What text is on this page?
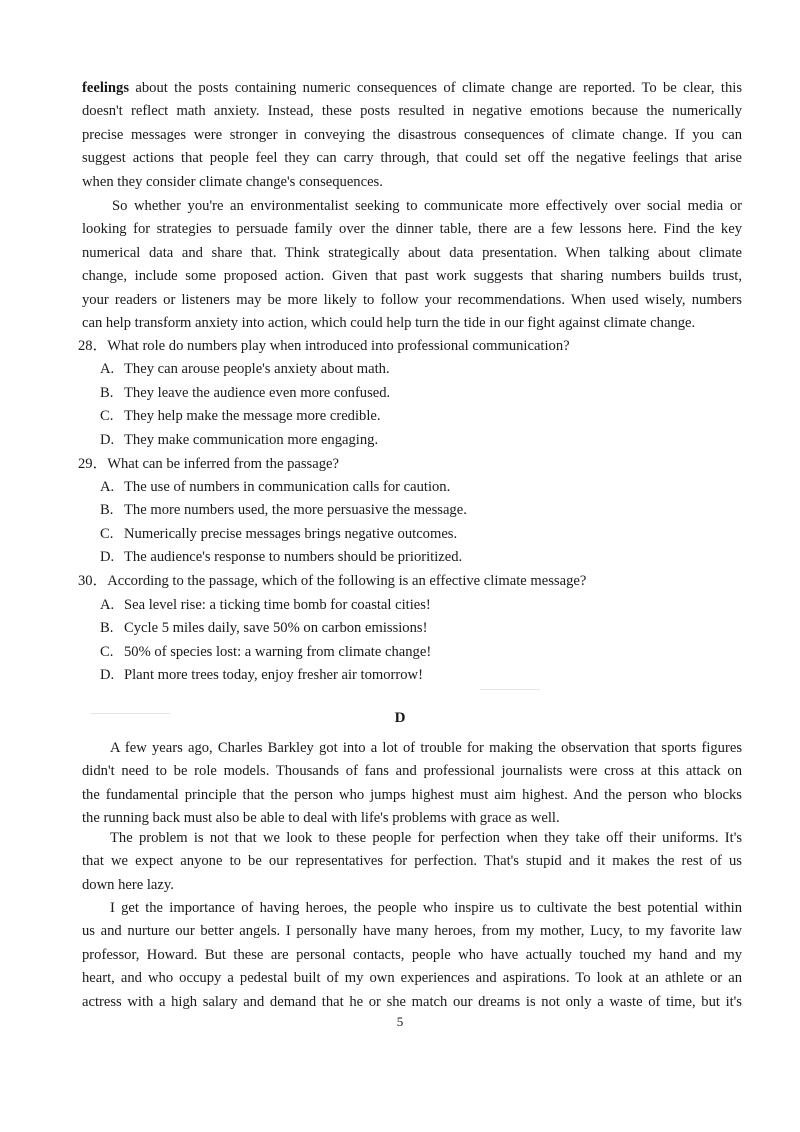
feelings about the posts containing numeric consequences of climate change are reported. To be clear, this
doesn't reflect math anxiety. Instead, these posts resulted in negative emotions because the numerically
precise messages were stronger in conveying the disastrous consequences of climate change. If you can
suggest actions that people feel they can carry through, that could set off the negative feelings that arise
when they consider climate change's consequences.
So whether you're an environmentalist seeking to communicate more effectively over social media or
looking for strategies to persuade family over the dinner table, there are a few lessons here. Find the key
numerical data and share that. Think strategically about data presentation. When talking about climate
change, include some proposed action. Given that past work suggests that sharing numbers builds trust,
your readers or listeners may be more likely to follow your recommendations. When used wisely, numbers
can help transform anxiety into action, which could help turn the tide in our fight against climate change.
28．What role do numbers play when introduced into professional communication?
A. They can arouse people's anxiety about math.
B. They leave the audience even more confused.
C. They help make the message more credible.
D. They make communication more engaging.
29．What can be inferred from the passage?
A. The use of numbers in communication calls for caution.
B. The more numbers used, the more persuasive the message.
C. Numerically precise messages brings negative outcomes.
D. The audience's response to numbers should be prioritized.
30．According to the passage, which of the following is an effective climate message?
A. Sea level rise: a ticking time bomb for coastal cities!
B. Cycle 5 miles daily, save 50% on carbon emissions!
C. 50% of species lost: a warning from climate change!
D. Plant more trees today, enjoy fresher air tomorrow!
D
A few years ago, Charles Barkley got into a lot of trouble for making the observation that sports figures
didn't need to be role models. Thousands of fans and professional journalists were cross at this attack on
the fundamental principle that the person who jumps highest must aim highest. And the person who blocks
the running back must also be able to deal with life's problems with grace as well.
The problem is not that we look to these people for perfection when they take off their uniforms. It's
that we expect anyone to be our representatives for perfection. That's stupid and it makes the rest of us
down here lazy.
I get the importance of having heroes, the people who inspire us to cultivate the best potential within
us and nurture our better angels. I personally have many heroes, from my mother, Lucy, to my favorite law
professor, Howard. But these are personal contacts, people who have actually touched my hand and my
heart, and who occupy a pedestal built of my own experiences and aspirations. To look at an athlete or an
actress with a high salary and demand that he or she match our dreams is not only a waste of time, but it's
5
